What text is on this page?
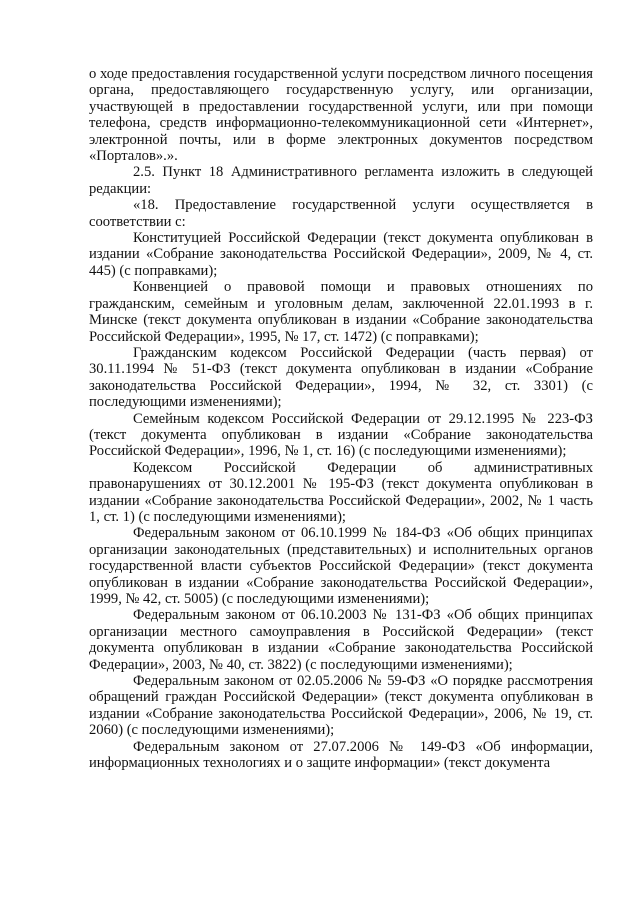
о ходе предоставления государственной услуги посредством личного посещения органа, предоставляющего государственную услугу, или организации, участвующей в предоставлении государственной услуги, или при помощи телефона, средств информационно-телекоммуникационной сети «Интернет», электронной почты, или в форме электронных документов посредством «Порталов».».

2.5. Пункт 18 Административного регламента изложить в следующей редакции:

«18. Предоставление государственной услуги осуществляется в соответствии с:

Конституцией Российской Федерации (текст документа опубликован в издании «Собрание законодательства Российской Федерации», 2009, № 4, ст. 445) (с поправками);

Конвенцией о правовой помощи и правовых отношениях по гражданским, семейным и уголовным делам, заключенной 22.01.1993 в г. Минске (текст документа опубликован в издании «Собрание законодательства Российской Федерации», 1995, № 17, ст. 1472) (с поправками);

Гражданским кодексом Российской Федерации (часть первая) от 30.11.1994 № 51-ФЗ (текст документа опубликован в издании «Собрание законодательства Российской Федерации», 1994, № 32, ст. 3301) (с последующими изменениями);

Семейным кодексом Российской Федерации от 29.12.1995 № 223-ФЗ (текст документа опубликован в издании «Собрание законодательства Российской Федерации», 1996, № 1, ст. 16) (с последующими изменениями);

Кодексом Российской Федерации об административных правонарушениях от 30.12.2001 № 195-ФЗ (текст документа опубликован в издании «Собрание законодательства Российской Федерации», 2002, № 1 часть 1, ст. 1) (с последующими изменениями);

Федеральным законом от 06.10.1999 № 184-ФЗ «Об общих принципах организации законодательных (представительных) и исполнительных органов государственной власти субъектов Российской Федерации» (текст документа опубликован в издании «Собрание законодательства Российской Федерации», 1999, № 42, ст. 5005) (с последующими изменениями);

Федеральным законом от 06.10.2003 № 131-ФЗ «Об общих принципах организации местного самоуправления в Российской Федерации» (текст документа опубликован в издании «Собрание законодательства Российской Федерации», 2003, № 40, ст. 3822) (с последующими изменениями);

Федеральным законом от 02.05.2006 № 59-ФЗ «О порядке рассмотрения обращений граждан Российской Федерации» (текст документа опубликован в издании «Собрание законодательства Российской Федерации», 2006, № 19, ст. 2060) (с последующими изменениями);

Федеральным законом от 27.07.2006 № 149-ФЗ «Об информации, информационных технологиях и о защите информации» (текст документа
